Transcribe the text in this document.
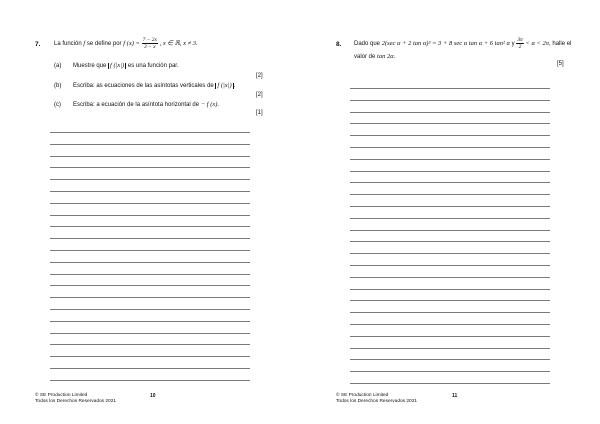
7. La función f se define por f $(x) = \frac{7 - 2x}{3 - x}$ , x ∈ ℝ, x ≠ 3.
(a) Muestre que f (|x|) es una función par.
[2]
(b) Escriba: as ecuaciones de las asíntotas verticales de f (|x|) .
[2]
(c) Escriba: a ecuación de la asíntota horizontal de − f (x).
[1]
© SE Production Limited
Todos los Derechos Reservados 2021
10
8. Dado que 2(sec α + 2 tan α)² = 3 + 8 sec α tan α + 6 tan² α y $\frac{3\pi}{2} < \alpha < 2\pi$, halle el
valor de tan 2α.
[5]
© SE Production Limited
Todos los Derechos Reservados 2021
11
